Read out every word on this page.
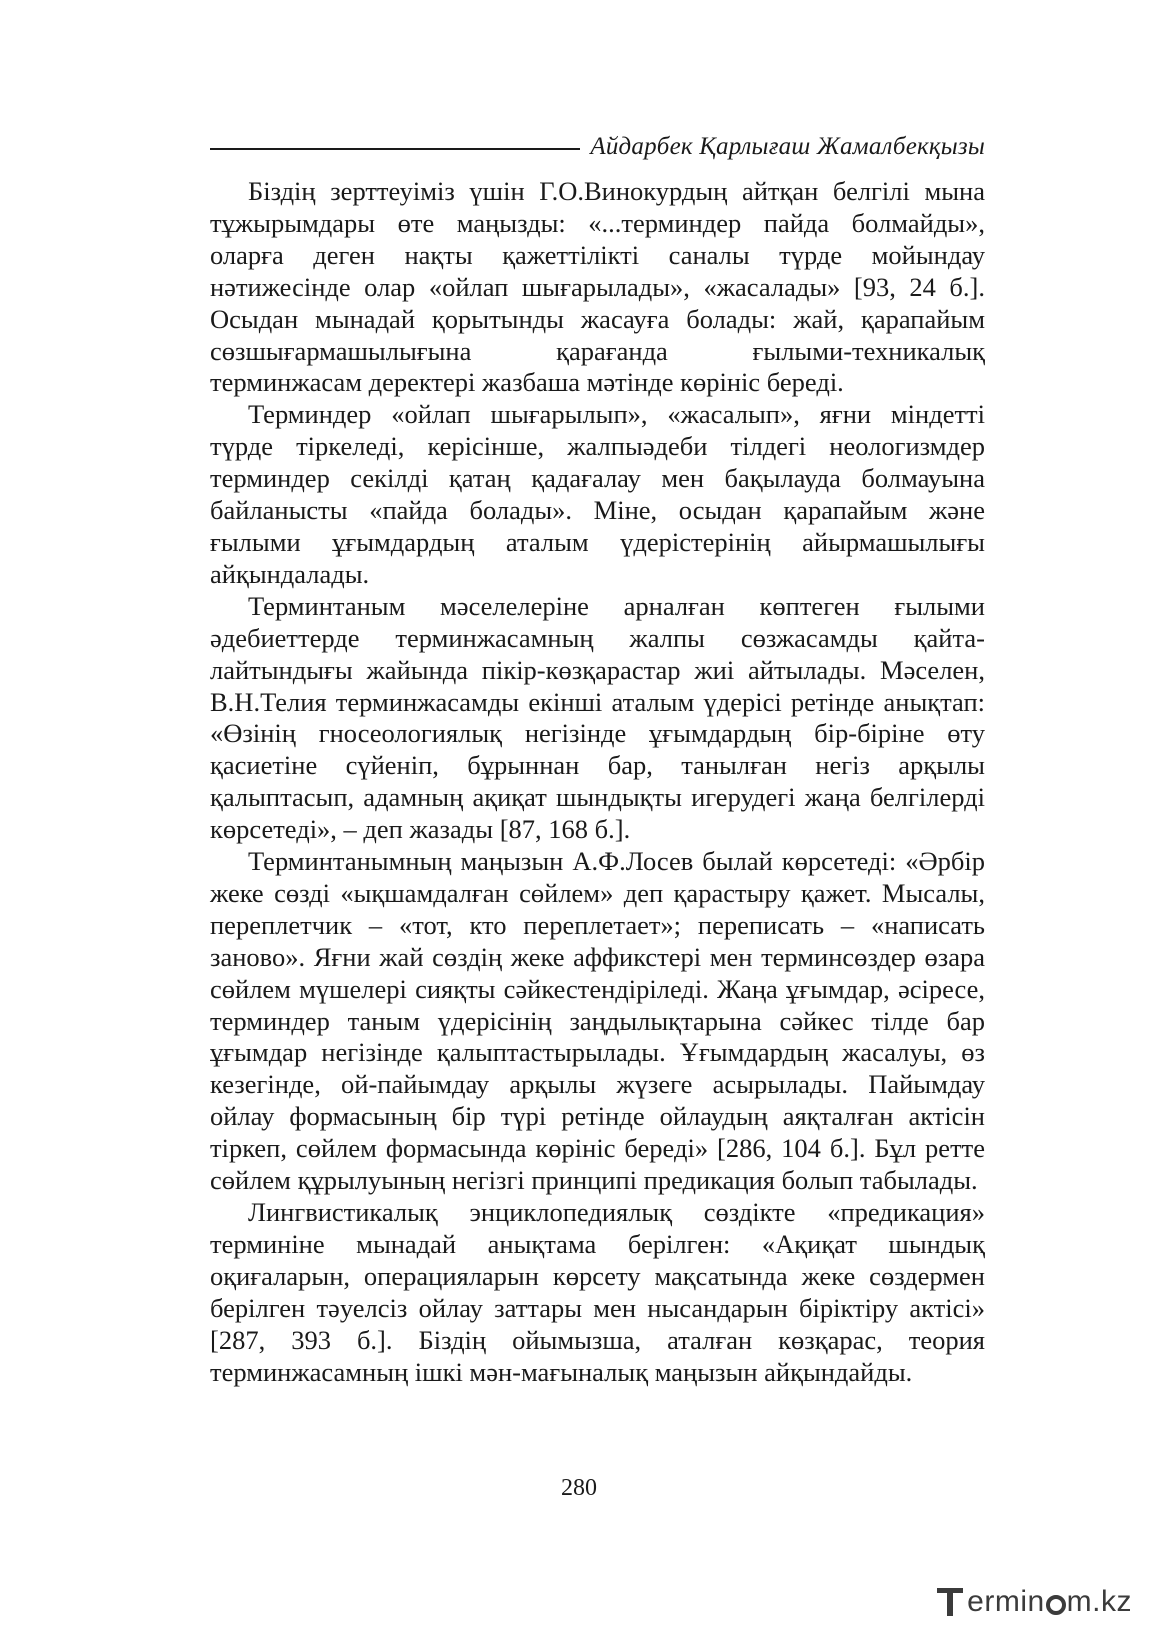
Айдарбек Қарлығаш Жамалбекқызы

Біздің зерттеуіміз үшін Г.О.Винокурдың айтқан белгілі мына тұжырымдары өте маңызды: «...терминдер пайда болмайды», оларға деген нақты қажеттілікті саналы түрде мойындау нәтижесінде олар «ойлап шығарылады», «жасалады» [93, 24 б.]. Осыдан мынадай қорытынды жасауға болады: жай, қарапайым сөзшығармашылығына қарағанда ғылыми-техникалық терминжасам деректері жазбаша мәтінде көрініс береді.

Терминдер «ойлап шығарылып», «жасалып», яғни міндетті түрде тіркеледі, керісінше, жалпыәдеби тілдегі неологизмдер терминдер секілді қатаң қадағалау мен бақылауда болмауына байланысты «пайда болады». Міне, осыдан қарапайым және ғылыми ұғымдардың аталым үдерістерінің айырмашылығы айқындалады.

Терминтаным мәселелеріне арналған көптеген ғылыми әдебиеттерде терминжасамның жалпы сөзжасамды қайталайтындығы жайында пікір-көзқарастар жиі айтылады. Мәселен, В.Н.Телия терминжасамды екінші аталым үдерісі ретінде анықтап: «Өзінің гносеологиялық негізінде ұғымдардың бір-біріне өту қасиетіне сүйеніп, бұрыннан бар, танылған негіз арқылы қалыптасып, адамның ақиқат шындықты игерудегі жаңа белгілерді көрсетеді», – деп жазады [87, 168 б.].

Терминтанымның маңызын А.Ф.Лосев былай көрсетеді: «Әрбір жеке сөзді «ықшамдалған сөйлем» деп қарастыру қажет. Мысалы, переплетчик – «тот, кто переплетает»; переписать – «написать заново». Яғни жай сөздің жеке аффикстері мен терминсөздер өзара сөйлем мүшелері сияқты сәйкестендіріледі. Жаңа ұғымдар, әсіресе, терминдер таным үдерісінің заңдылықтарына сәйкес тілде бар ұғымдар негізінде қалыптастырылады. Ұғымдардың жасалуы, өз кезегінде, ой-пайымдау арқылы жүзеге асырылады. Пайымдау ойлау формасының бір түрі ретінде ойлаудың аяқталған актісін тіркеп, сөйлем формасында көрініс береді» [286, 104 б.]. Бұл ретте сөйлем құрылуының негізгі принципі предикация болып табылады.

Лингвистикалық энциклопедиялық сөздікте «предикация» терминіне мынадай анықтама берілген: «Ақиқат шындық оқиғаларын, операцияларын көрсету мақсатында жеке сөздермен берілген тәуелсіз ойлау заттары мен нысандарын біріктіру актісі» [287, 393 б.]. Біздің ойымызша, аталған көзқарас, теория терминжасамның ішкі мән-мағыналық маңызын айқындайды.

280
ermin m.kz
